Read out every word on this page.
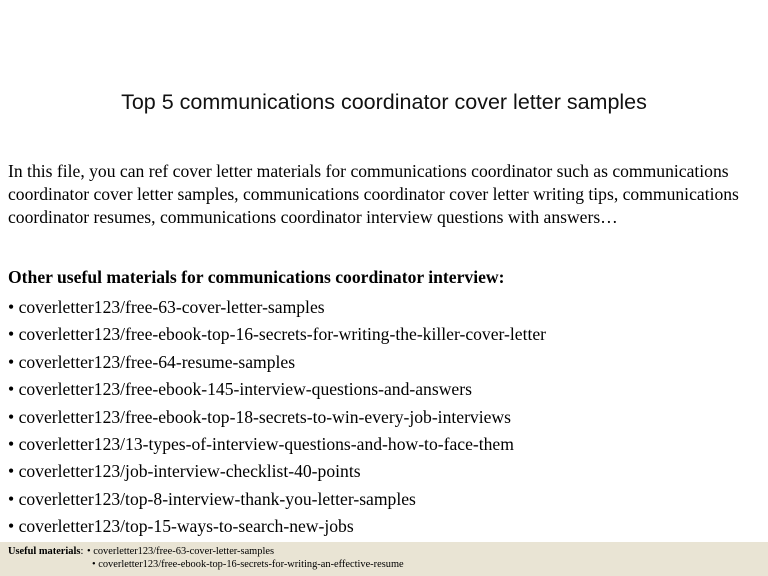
Top 5 communications coordinator cover letter samples

In this file, you can ref cover letter materials for communications coordinator such as communications coordinator cover letter samples, communications coordinator cover letter writing tips, communications coordinator resumes, communications coordinator interview questions with answers…

Other useful materials for communications coordinator interview:
• coverletter123/free-63-cover-letter-samples
• coverletter123/free-ebook-top-16-secrets-for-writing-the-killer-cover-letter
• coverletter123/free-64-resume-samples
• coverletter123/free-ebook-145-interview-questions-and-answers
• coverletter123/free-ebook-top-18-secrets-to-win-every-job-interviews
• coverletter123/13-types-of-interview-questions-and-how-to-face-them
• coverletter123/job-interview-checklist-40-points
• coverletter123/top-8-interview-thank-you-letter-samples
• coverletter123/top-15-ways-to-search-new-jobs
Useful materials: • coverletter123/free-63-cover-letter-samples
• coverletter123/free-ebook-top-16-secrets-for-writing-an-effective-resume
